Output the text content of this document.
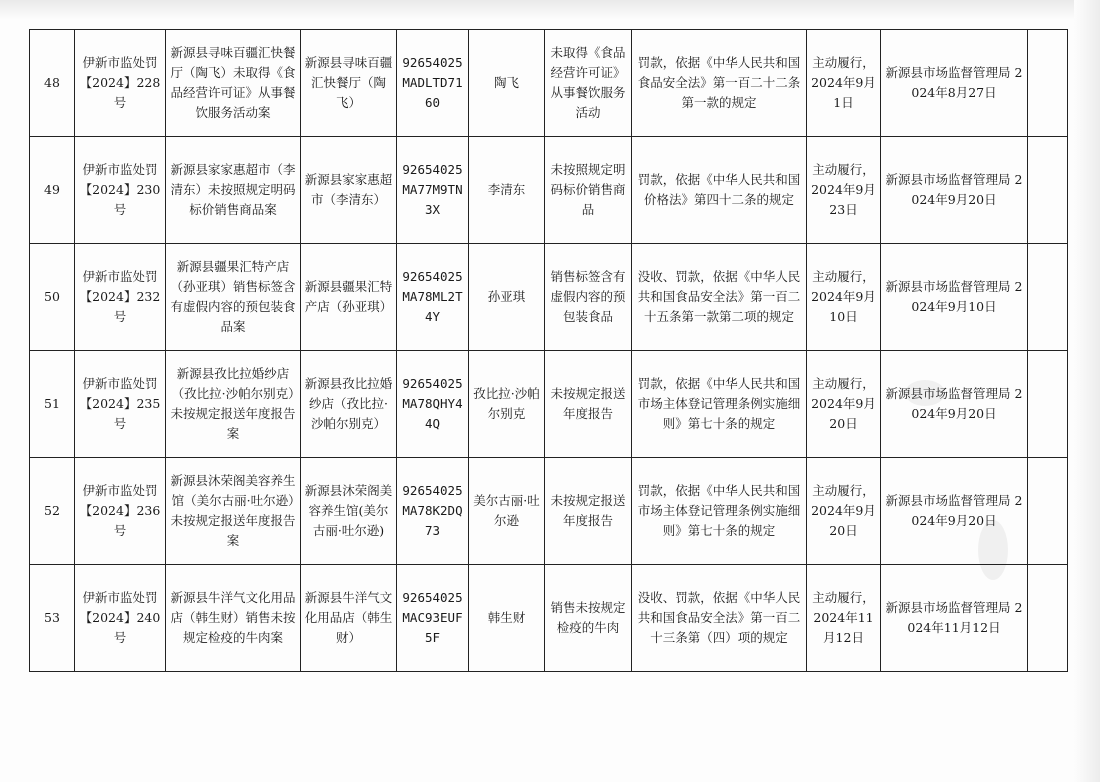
48	伊新市监处罚【2024】228号	新源县寻味百疆汇快餐厅（陶飞）未取得《食品经营许可证》从事餐饮服务活动案	新源县寻味百疆汇快餐厅（陶飞）	92654025MADLTD7160	陶飞	未取得《食品经营许可证》从事餐饮服务活动	罚款，依据《中华人民共和国食品安全法》第一百二十二条第一款的规定	主动履行，2024年9月1日	新源县市场监督管理局 2024年8月27日	
49	伊新市监处罚【2024】230号	新源县家家惠超市（李清东）未按照规定明码标价销售商品案	新源县家家惠超市（李清东）	92654025MA77M9TN3X	李清东	未按照规定明码标价销售商品	罚款，依据《中华人民共和国价格法》第四十二条的规定	主动履行，2024年9月23日	新源县市场监督管理局 2024年9月20日	
50	伊新市监处罚【2024】232号	新源县疆果汇特产店（孙亚琪）销售标签含有虚假内容的预包装食品案	新源县疆果汇特产店（孙亚琪）	92654025MA78ML2T4Y	孙亚琪	销售标签含有虚假内容的预包装食品	没收、罚款，依据《中华人民共和国食品安全法》第一百二十五条第一款第二项的规定	主动履行，2024年9月10日	新源县市场监督管理局 2024年9月10日	
51	伊新市监处罚【2024】235号	新源县孜比拉婚纱店（孜比拉·沙帕尔别克）未按规定报送年度报告案	新源县孜比拉婚纱店（孜比拉·沙帕尔别克）	92654025MA78QHY44Q	孜比拉·沙帕尔别克	未按规定报送年度报告	罚款，依据《中华人民共和国市场主体登记管理条例实施细则》第七十条的规定	主动履行，2024年9月20日	新源县市场监督管理局 2024年9月20日	
52	伊新市监处罚【2024】236号	新源县沐荣阁美容养生馆（美尔古丽·吐尔逊）未按规定报送年度报告案	新源县沐荣阁美容养生馆(美尔古丽·吐尔逊)	92654025MA78K2DQ73	美尔古丽·吐尔逊	未按规定报送年度报告	罚款，依据《中华人民共和国市场主体登记管理条例实施细则》第七十条的规定	主动履行，2024年9月20日	新源县市场监督管理局 2024年9月20日	
53	伊新市监处罚【2024】240号	新源县牛洋气文化用品店（韩生财）销售未按规定检疫的牛肉案	新源县牛洋气文化用品店（韩生财）	92654025MAC93EUF5F	韩生财	销售未按规定检疫的牛肉	没收、罚款，依据《中华人民共和国食品安全法》第一百二十三条第（四）项的规定	主动履行，2024年11月12日	新源县市场监督管理局 2024年11月12日	
